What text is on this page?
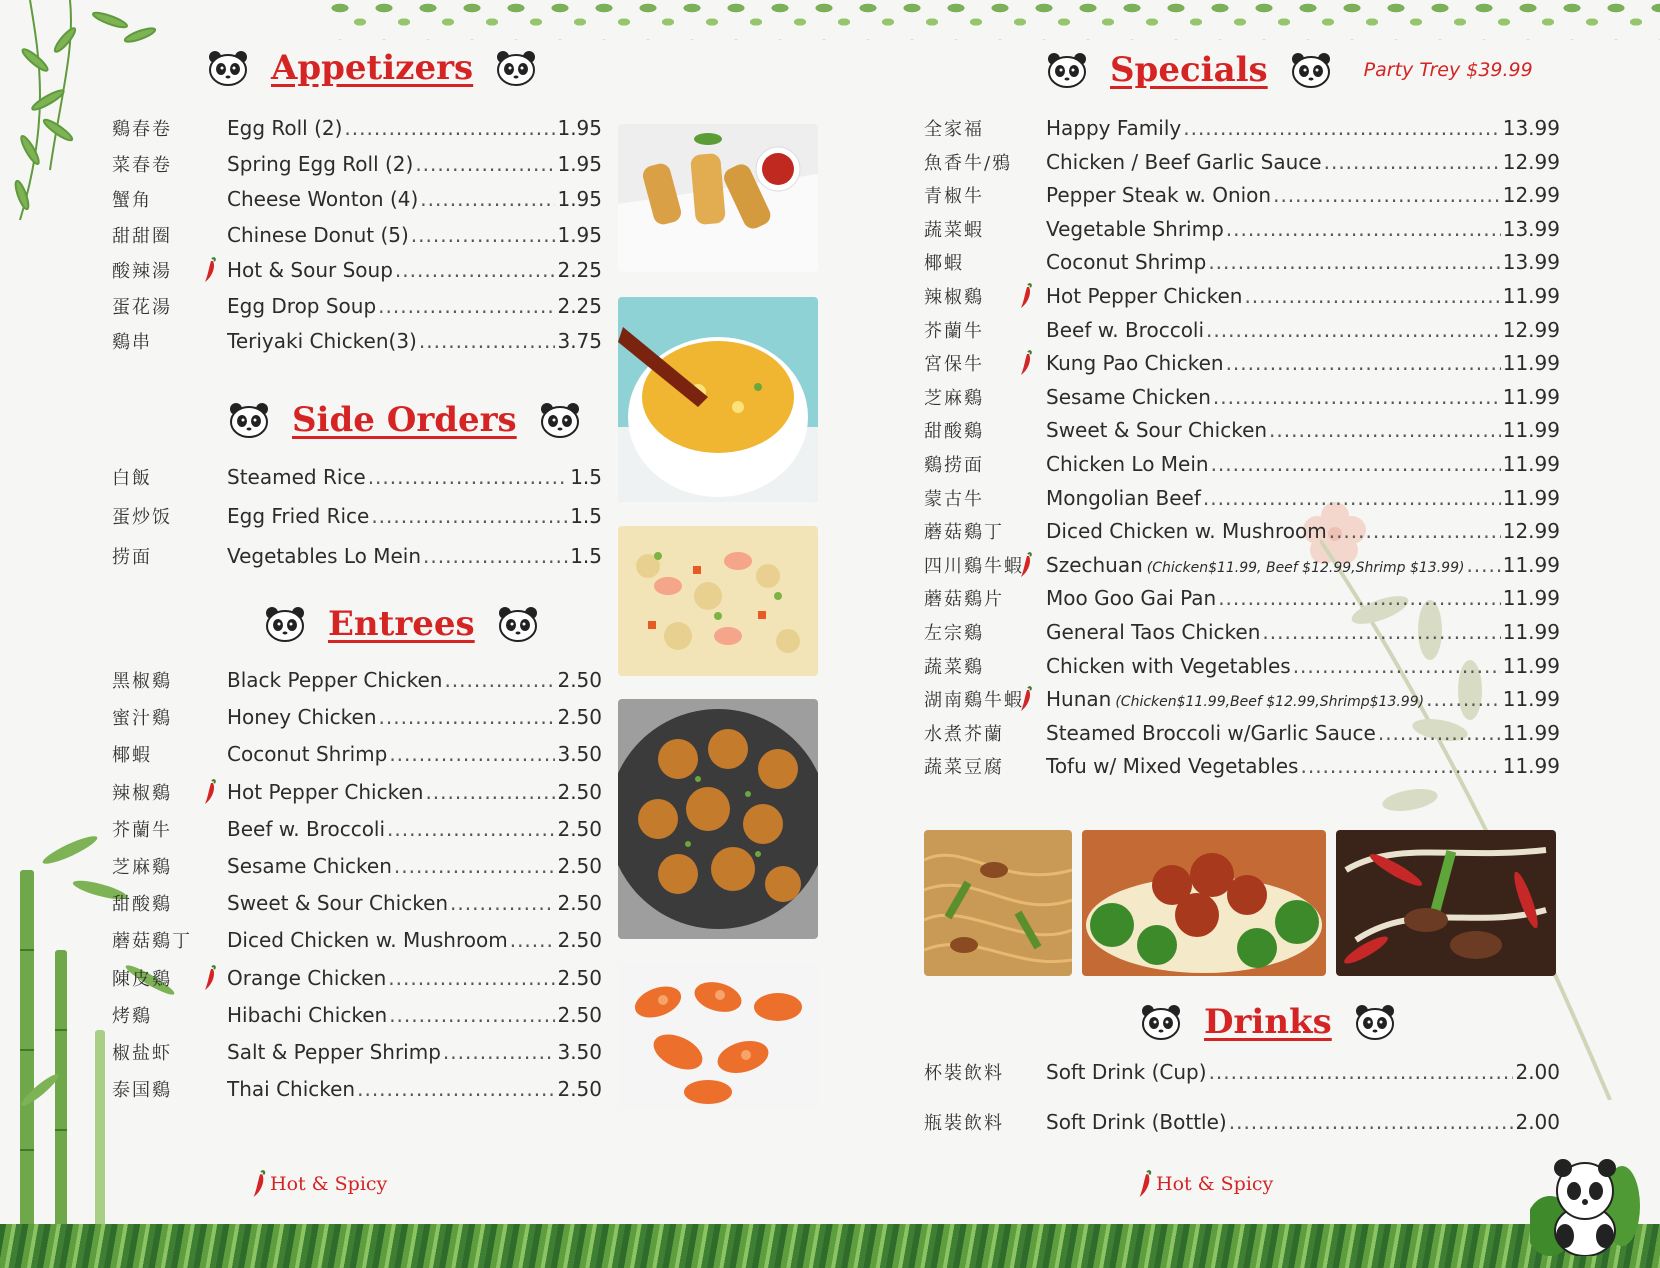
Appetizers
鷄春卷	Egg Roll (2) .....	1.95
菜春卷	Spring Egg Roll (2) .....	1.95
蟹角	Cheese Wonton (4) .....	1.95
甜甜圈	Chinese Donut (5) .....	1.95
酸辣湯	Hot & Sour Soup .....	2.25
蛋花湯	Egg Drop Soup .....	2.25
鷄串	Teriyaki Chicken(3) .....	3.75
Side Orders
白飯	Steamed Rice .....	1.5
蛋炒饭	Egg Fried Rice .....	1.5
捞面	Vegetables Lo Mein .....	1.5
Entrees
黑椒鷄	Black Pepper Chicken .....	2.50
蜜汁鷄	Honey Chicken .....	2.50
椰蝦	Coconut Shrimp .....	3.50
辣椒鷄	Hot Pepper Chicken .....	2.50
芥蘭牛	Beef w. Broccoli .....	2.50
芝麻鷄	Sesame Chicken .....	2.50
甜酸鷄	Sweet & Sour Chicken .....	2.50
蘑菇鷄丁 Diced Chicken w. Mushroom ..... 2.50
陳皮鷄	Orange Chicken .....	2.50
烤鷄	Hibachi Chicken .....	2.50
椒盐虾	Salt & Pepper Shrimp .....	3.50
泰国鷄	Thai Chicken .....	2.50
Specials	Party Trey $39.99
全家福	Happy Family .....	13.99
魚香牛/鴉 Chicken / Beef Garlic Sauce .....	12.99
青椒牛	Pepper Steak w. Onion .....	12.99
蔬菜蝦	Vegetable Shrimp .....	13.99
椰蝦	Coconut Shrimp .....	13.99
辣椒鷄	Hot Pepper Chicken .....	11.99
芥蘭牛	Beef w. Broccoli .....	12.99
宮保牛	Kung Pao Chicken .....	11.99
芝麻鷄	Sesame Chicken .....	11.99
甜酸鷄	Sweet & Sour Chicken .....	11.99
鷄捞面	Chicken Lo Mein .....	11.99
蒙古牛	Mongolian Beef .....	11.99
蘑菇鷄丁 Diced Chicken w. Mushroom .....	12.99
四川鷄牛蝦 Szechuan (Chicken$11.99, Beef $12.99,Shrimp $13.99) ..... 11.99
蘑菇鷄片 Moo Goo Gai Pan .....	11.99
左宗鷄	General Taos Chicken .....	11.99
蔬菜鷄	Chicken with Vegetables .....	11.99
湖南鷄牛蝦 Hunan (Chicken$11.99,Beef $12.99,Shrimp$13.99) .....	11.99
水煮芥蘭 Steamed Broccoli w/Garlic Sauce .....	11.99
蔬菜豆腐 Tofu w/ Mixed Vegetables .....	11.99
Drinks
杯裝飲料 Soft Drink (Cup) .....	2.00
瓶裝飲料 Soft Drink (Bottle) .....	2.00
Hot & Spicy	Hot & Spicy
